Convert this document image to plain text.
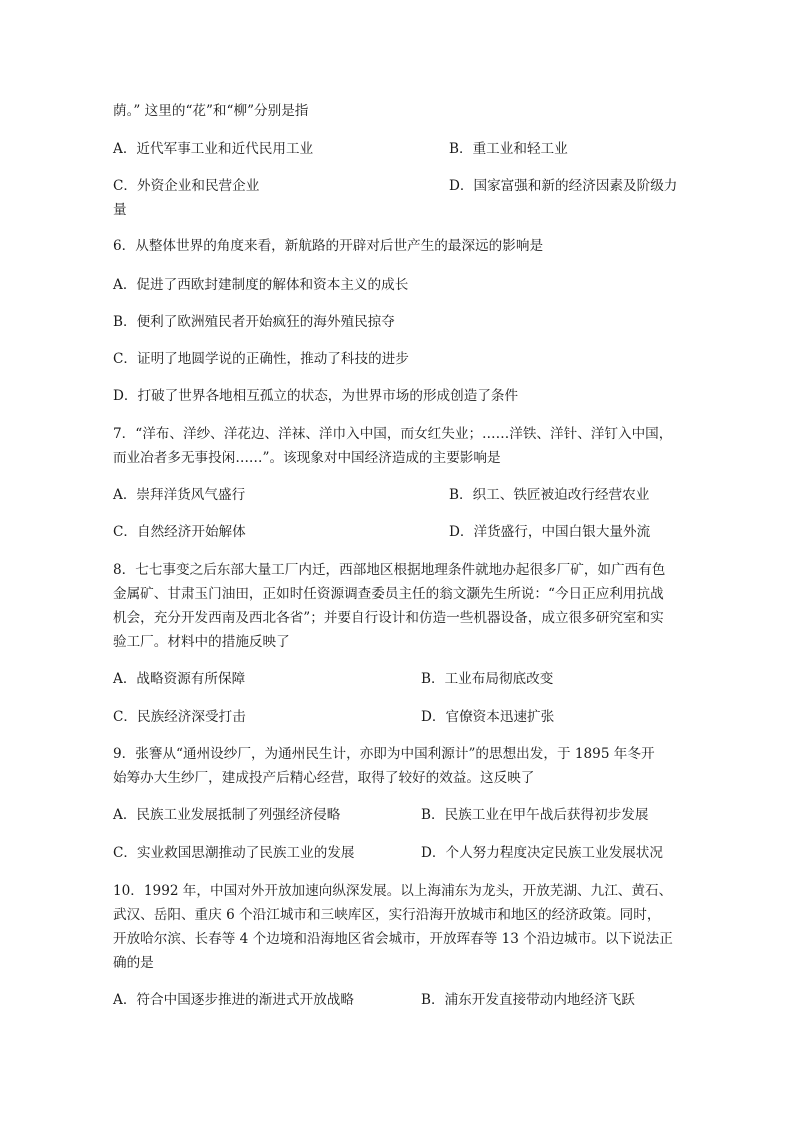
荫。” 这里的“花”和“柳”分别是指
A．近代军事工业和近代民用工业	B．重工业和轻工业
C．外资企业和民营企业	D．国家富强和新的经济因素及阶级力
量
6．从整体世界的角度来看，新航路的开辟对后世产生的最深远的影响是
A．促进了西欧封建制度的解体和资本主义的成长
B．便利了欧洲殖民者开始疯狂的海外殖民掠夺
C．证明了地圆学说的正确性，推动了科技的进步
D．打破了世界各地相互孤立的状态，为世界市场的形成创造了条件
7．“洋布、洋纱、洋花边、洋袜、洋巾入中国，而女红失业；……洋铁、洋针、洋钉入中国，
而业冶者多无事投闲……”。该现象对中国经济造成的主要影响是
A．崇拜洋货风气盛行	B．织工、铁匠被迫改行经营农业
C．自然经济开始解体	D．洋货盛行，中国白银大量外流
8．七七事变之后东部大量工厂内迁，西部地区根据地理条件就地办起很多厂矿，如广西有色
金属矿、甘肃玉门油田，正如时任资源调查委员主任的翁文灏先生所说：“今日正应利用抗战
机会，充分开发西南及西北各省”；并要自行设计和仿造一些机器设备，成立很多研究室和实
验工厂。材料中的措施反映了
A．战略资源有所保障	B．工业布局彻底改变
C．民族经济深受打击	D．官僚资本迅速扩张
9．张謇从“通州设纱厂，为通州民生计，亦即为中国利源计”的思想出发，于 1895 年冬开
始筹办大生纱厂，建成投产后精心经营，取得了较好的效益。这反映了
A．民族工业发展抵制了列强经济侵略	B．民族工业在甲午战后获得初步发展
C．实业救国思潮推动了民族工业的发展	D．个人努力程度决定民族工业发展状况
10．1992 年，中国对外开放加速向纵深发展。以上海浦东为龙头，开放芜湖、九江、黄石、
武汉、岳阳、重庆 6 个沿江城市和三峡库区，实行沿海开放城市和地区的经济政策。同时，
开放哈尔滨、长春等 4 个边境和沿海地区省会城市，开放珲春等 13 个沿边城市。以下说法正
确的是
A．符合中国逐步推进的渐进式开放战略	B．浦东开发直接带动内地经济飞跃
